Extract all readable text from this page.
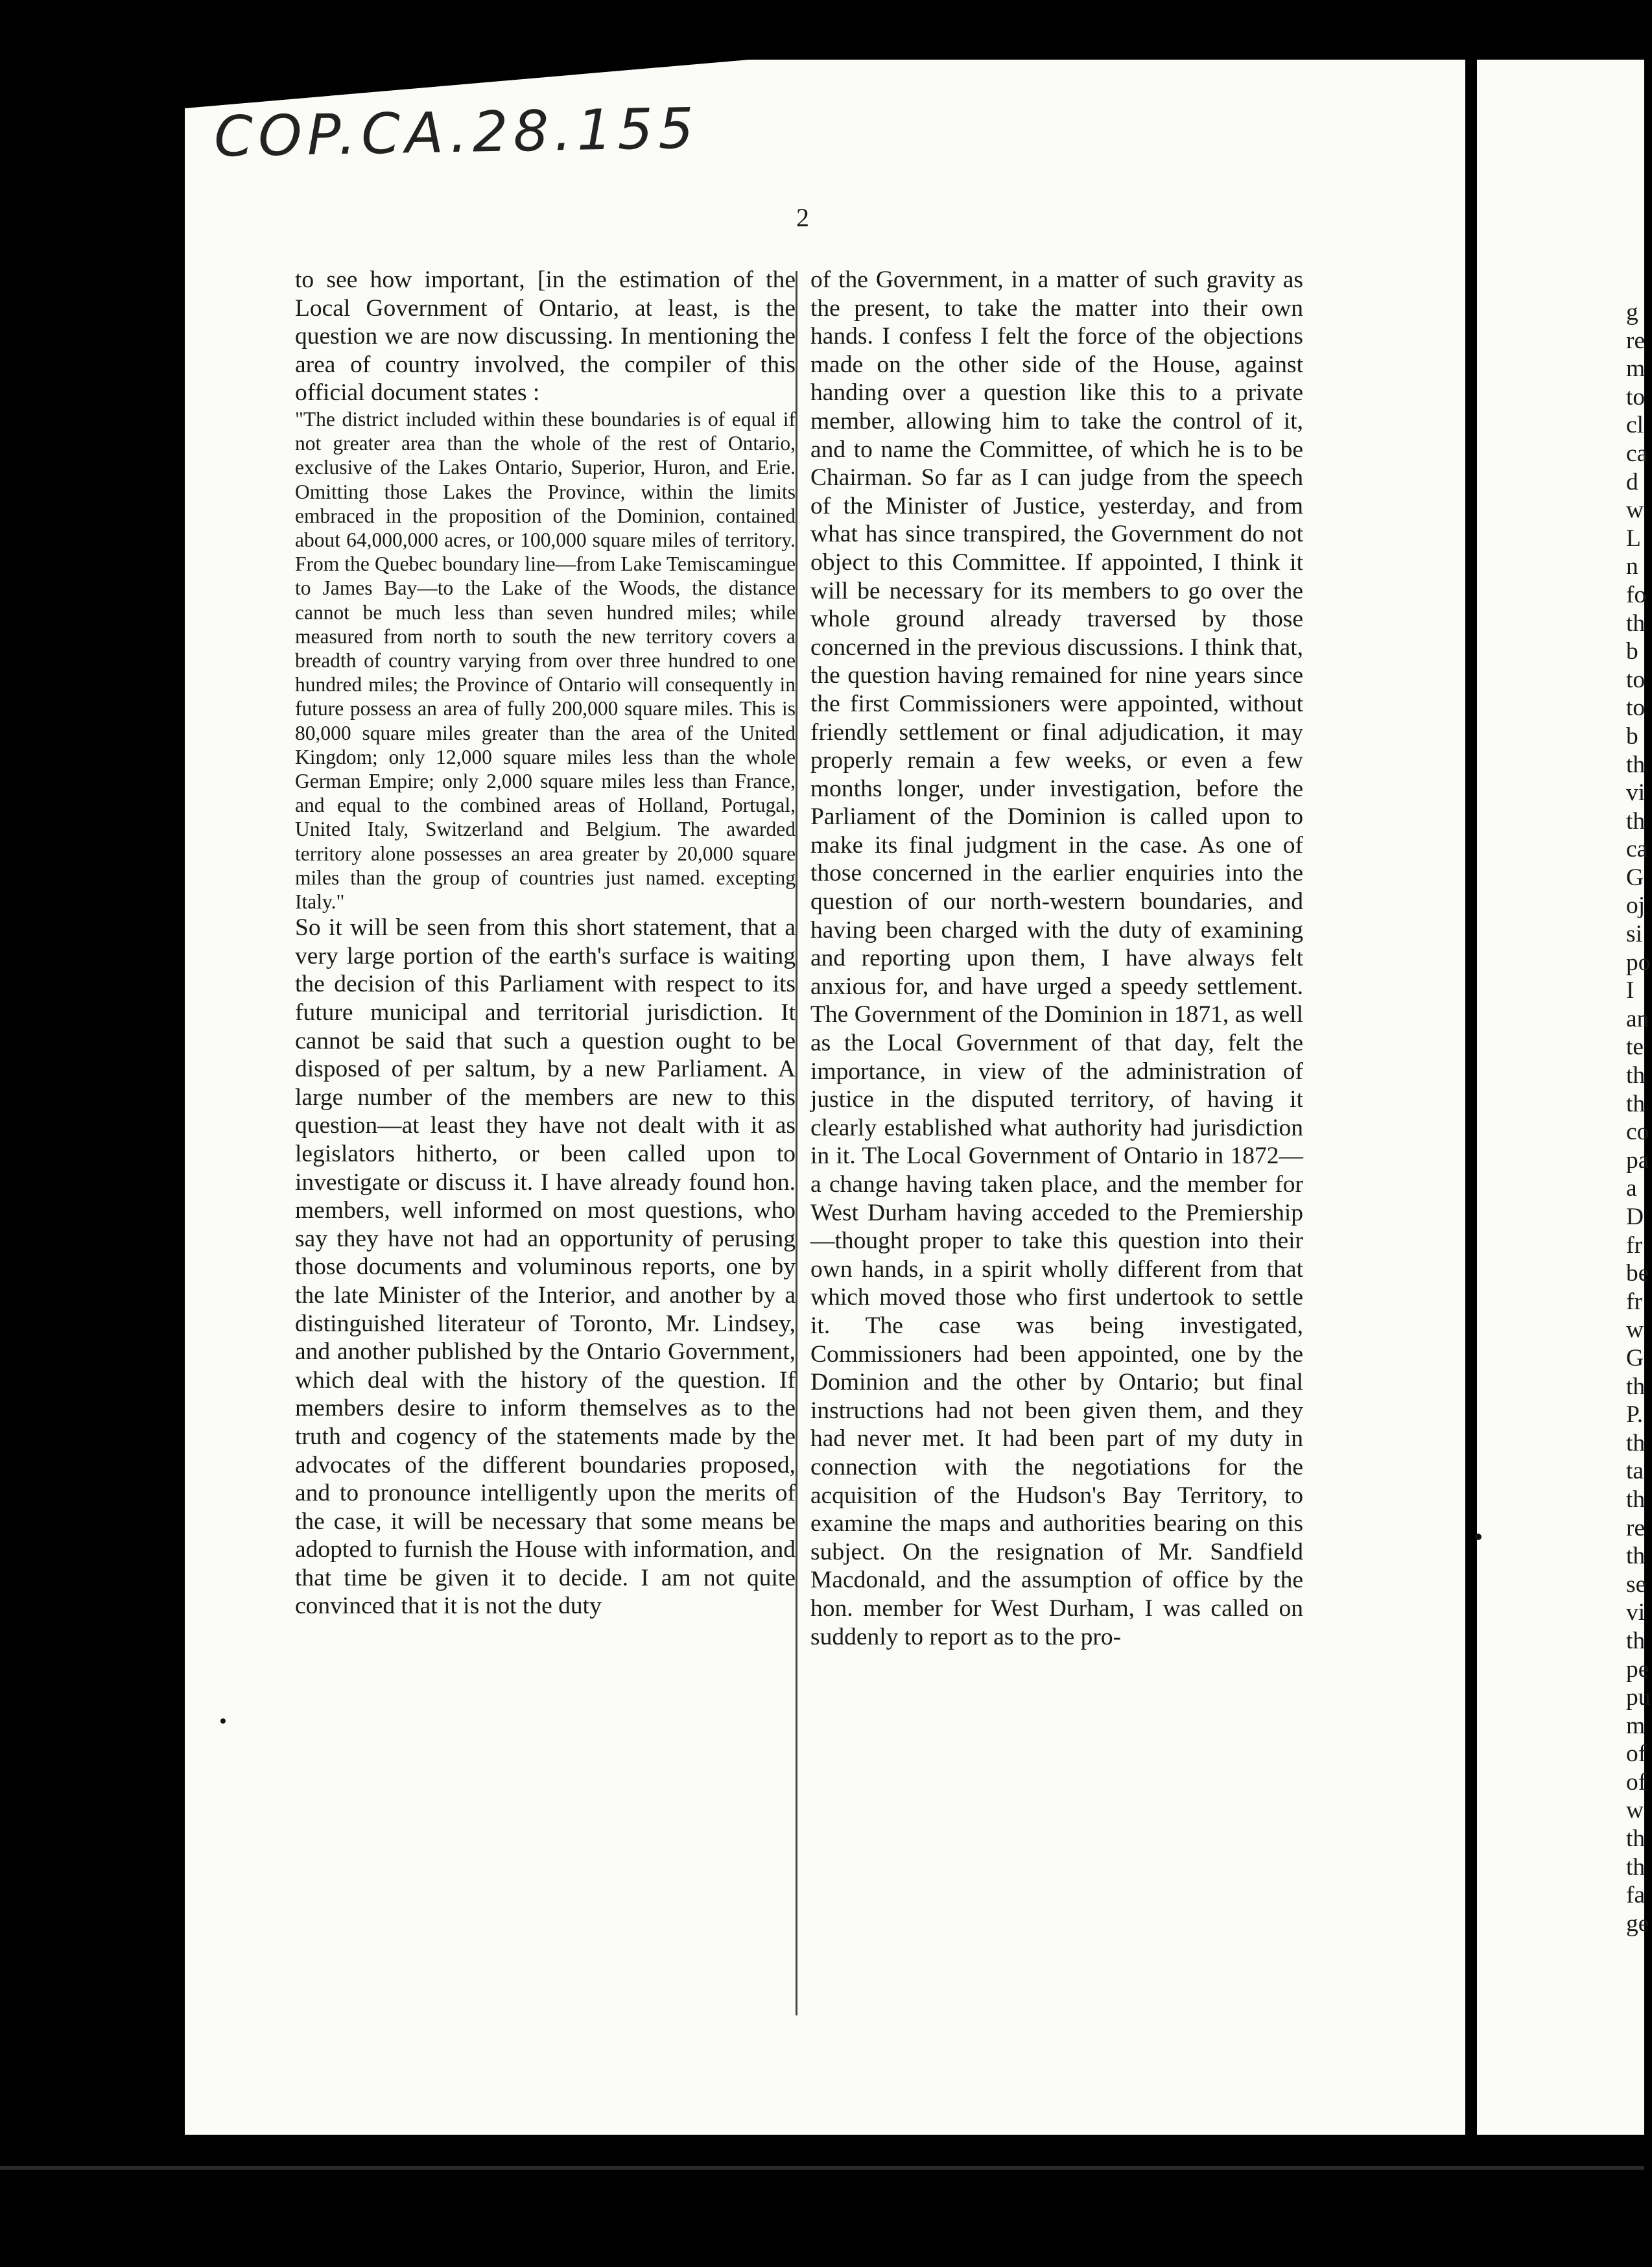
COP.CA.28.155
2

to see how important, [in the estimation of the Local Government of Ontario, at least, is the question we are now discussing. In mentioning the area of country involved, the compiler of this official document states :

"The district included within these boundaries is of equal if not greater area than the whole of the rest of Ontario, exclusive of the Lakes Ontario, Superior, Huron, and Erie. Omitting those Lakes the Province, within the limits embraced in the proposition of the Dominion, contained about 64,000,000 acres, or 100,000 square miles of territory. From the Quebec boundary line—from Lake Temiscamingue to James Bay—to the Lake of the Woods, the distance cannot be much less than seven hundred miles; while measured from north to south the new territory covers a breadth of country varying from over three hundred to one hundred miles; the Province of Ontario will consequently in future possess an area of fully 200,000 square miles. This is 80,000 square miles greater than the area of the United Kingdom; only 12,000 square miles less than the whole German Empire; only 2,000 square miles less than France, and equal to the combined areas of Holland, Portugal, United Italy, Switzerland and Belgium. The awarded territory alone possesses an area greater by 20,000 square miles than the group of countries just named. excepting Italy."

So it will be seen from this short statement, that a very large portion of the earth's surface is waiting the decision of this Parliament with respect to its future municipal and territorial jurisdiction. It cannot be said that such a question ought to be disposed of per saltum, by a new Parliament. A large number of the members are new to this question—at least they have not dealt with it as legislators hitherto, or been called upon to investigate or discuss it. I have already found hon. members, well informed on most questions, who say they have not had an opportunity of perusing those documents and voluminous reports, one by the late Minister of the Interior, and another by a distinguished literateur of Toronto, Mr. Lindsey, and another published by the Ontario Government, which deal with the history of the question. If members desire to inform themselves as to the truth and cogency of the statements made by the advocates of the different boundaries proposed, and to pronounce intelligently upon the merits of the case, it will be necessary that some means be adopted to furnish the House with information, and that time be given it to decide. I am not quite convinced that it is not the duty

of the Government, in a matter of such gravity as the present, to take the matter into their own hands. I confess I felt the force of the objections made on the other side of the House, against handing over a question like this to a private member, allowing him to take the control of it, and to name the Committee, of which he is to be Chairman. So far as I can judge from the speech of the Minister of Justice, yesterday, and from what has since transpired, the Government do not object to this Committee. If appointed, I think it will be necessary for its members to go over the whole ground already traversed by those concerned in the previous discussions. I think that, the question having remained for nine years since the first Commissioners were appointed, without friendly settlement or final adjudication, it may properly remain a few weeks, or even a few months longer, under investigation, before the Parliament of the Dominion is called upon to make its final judgment in the case. As one of those concerned in the earlier enquiries into the question of our north-western boundaries, and having been charged with the duty of examining and reporting upon them, I have always felt anxious for, and have urged a speedy settlement. The Government of the Dominion in 1871, as well as the Local Government of that day, felt the importance, in view of the administration of justice in the disputed territory, of having it clearly established what authority had jurisdiction in it. The Local Government of Ontario in 1872—a change having taken place, and the member for West Durham having acceded to the Premiership—thought proper to take this question into their own hands, in a spirit wholly different from that which moved those who first undertook to settle it. The case was being investigated, Commissioners had been appointed, one by the Dominion and the other by Ontario; but final instructions had not been given them, and they had never met. It had been part of my duty in connection with the negotiations for the acquisition of the Hudson's Bay Territory, to examine the maps and authorities bearing on this subject. On the resignation of Mr. Sandfield Macdonald, and the assumption of office by the hon. member for West Durham, I was called on suddenly to report as to the pro-

g
re
m
to
cl
ca
d
w
L
n
fo
th
b
to
to
b
th
vi
th
ca
G
oj
si
po
I
an
te
th
th
co
pa
a
D
fr
be
fr
w
G
th
P.
th
ta
th
re
th
se
vi
th
pe
pu
m
of
of
w
th
th
fa
ge
